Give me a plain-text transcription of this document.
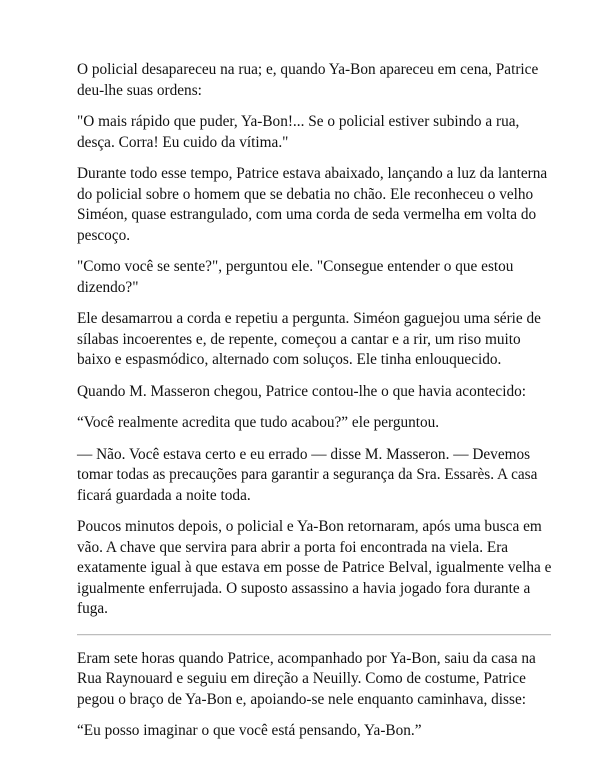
O policial desapareceu na rua; e, quando Ya-Bon apareceu em cena, Patrice deu-lhe suas ordens:

"O mais rápido que puder, Ya-Bon!... Se o policial estiver subindo a rua, desça. Corra! Eu cuido da vítima."

Durante todo esse tempo, Patrice estava abaixado, lançando a luz da lanterna do policial sobre o homem que se debatia no chão. Ele reconheceu o velho Siméon, quase estrangulado, com uma corda de seda vermelha em volta do pescoço.

"Como você se sente?", perguntou ele. "Consegue entender o que estou dizendo?"

Ele desamarrou a corda e repetiu a pergunta. Siméon gaguejou uma série de sílabas incoerentes e, de repente, começou a cantar e a rir, um riso muito baixo e espasmódico, alternado com soluços. Ele tinha enlouquecido.

Quando M. Masseron chegou, Patrice contou-lhe o que havia acontecido:

“Você realmente acredita que tudo acabou?” ele perguntou.

— Não. Você estava certo e eu errado — disse M. Masseron. — Devemos tomar todas as precauções para garantir a segurança da Sra. Essarès. A casa ficará guardada a noite toda.

Poucos minutos depois, o policial e Ya-Bon retornaram, após uma busca em vão. A chave que servira para abrir a porta foi encontrada na viela. Era exatamente igual à que estava em posse de Patrice Belval, igualmente velha e igualmente enferrujada. O suposto assassino a havia jogado fora durante a fuga.

Eram sete horas quando Patrice, acompanhado por Ya-Bon, saiu da casa na Rua Raynouard e seguiu em direção a Neuilly. Como de costume, Patrice pegou o braço de Ya-Bon e, apoiando-se nele enquanto caminhava, disse:

“Eu posso imaginar o que você está pensando, Ya-Bon.”
